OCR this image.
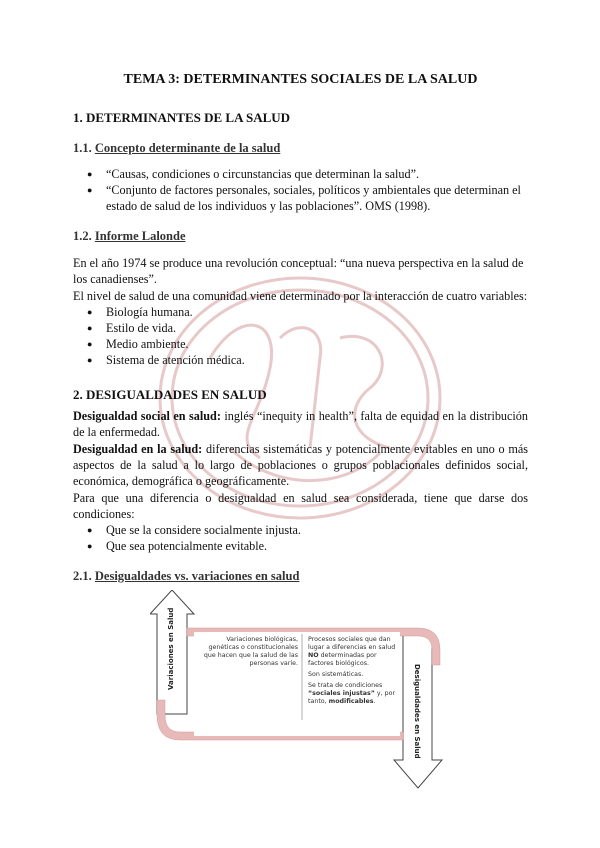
TEMA 3: DETERMINANTES SOCIALES DE LA SALUD
1. DETERMINANTES DE LA SALUD
1.1. Concepto determinante de la salud
● “Causas, condiciones o circunstancias que determinan la salud”.
● “Conjunto de factores personales, sociales, políticos y ambientales que determinan el estado de salud de los individuos y las poblaciones”. OMS (1998).
1.2. Informe Lalonde
En el año 1974 se produce una revolución conceptual: “una nueva perspectiva en la salud de los canadienses”.
El nivel de salud de una comunidad viene determinado por la interacción de cuatro variables:
● Biología humana.
● Estilo de vida.
● Medio ambiente.
● Sistema de atención médica.
2. DESIGUALDADES EN SALUD
Desigualdad social en salud: inglés “inequity in health”, falta de equidad en la distribución de la enfermedad.
Desigualdad en la salud: diferencias sistemáticas y potencialmente evitables en uno o más aspectos de la salud a lo largo de poblaciones o grupos poblacionales definidos social, económica, demográfica o geográficamente.
Para que una diferencia o desigualdad en salud sea considerada, tiene que darse dos condiciones:
● Que se la considere socialmente injusta.
● Que sea potencialmente evitable.
2.1. Desigualdades vs. variaciones en salud
Variaciones en Salud
Desigualdades en Salud
Variaciones biológicas, genéticas o constitucionales que hacen que la salud de las personas varíe.
Procesos sociales que dan lugar a diferencias en salud NO determinadas por factores biológicos.
Son sistemáticas.
Se trata de condiciones “sociales injustas” y, por tanto, modificables.
